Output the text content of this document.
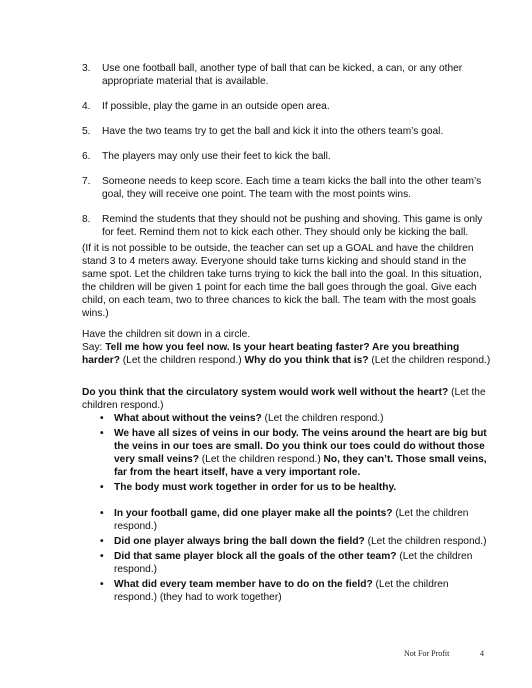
3. Use one football ball, another type of ball that can be kicked, a can, or any other appropriate material that is available.
4. If possible, play the game in an outside open area.
5. Have the two teams try to get the ball and kick it into the others team’s goal.
6. The players may only use their feet to kick the ball.
7. Someone needs to keep score. Each time a team kicks the ball into the other team’s goal, they will receive one point. The team with the most points wins.
8. Remind the students that they should not be pushing and shoving. This game is only for feet. Remind them not to kick each other. They should only be kicking the ball.

(If it is not possible to be outside, the teacher can set up a GOAL and have the children stand 3 to 4 meters away. Everyone should take turns kicking and should stand in the same spot. Let the children take turns trying to kick the ball into the goal. In this situation, the children will be given 1 point for each time the ball goes through the goal. Give each child, on each team, two to three chances to kick the ball. The team with the most goals wins.)

Have the children sit down in a circle.
Say: Tell me how you feel now. Is your heart beating faster? Are you breathing harder? (Let the children respond.) Why do you think that is? (Let the children respond.)

Do you think that the circulatory system would work well without the heart? (Let the children respond.)

• What about without the veins? (Let the children respond.)
• We have all sizes of veins in our body. The veins around the heart are big but the veins in our toes are small. Do you think our toes could do without those very small veins? (Let the children respond.) No, they can’t. Those small veins, far from the heart itself, have a very important role.
• The body must work together in order for us to be healthy.
• In your football game, did one player make all the points? (Let the children respond.)
• Did one player always bring the ball down the field? (Let the children respond.)
• Did that same player block all the goals of the other team? (Let the children respond.)
• What did every team member have to do on the field? (Let the children respond.) (they had to work together)
Not For Profit	4
